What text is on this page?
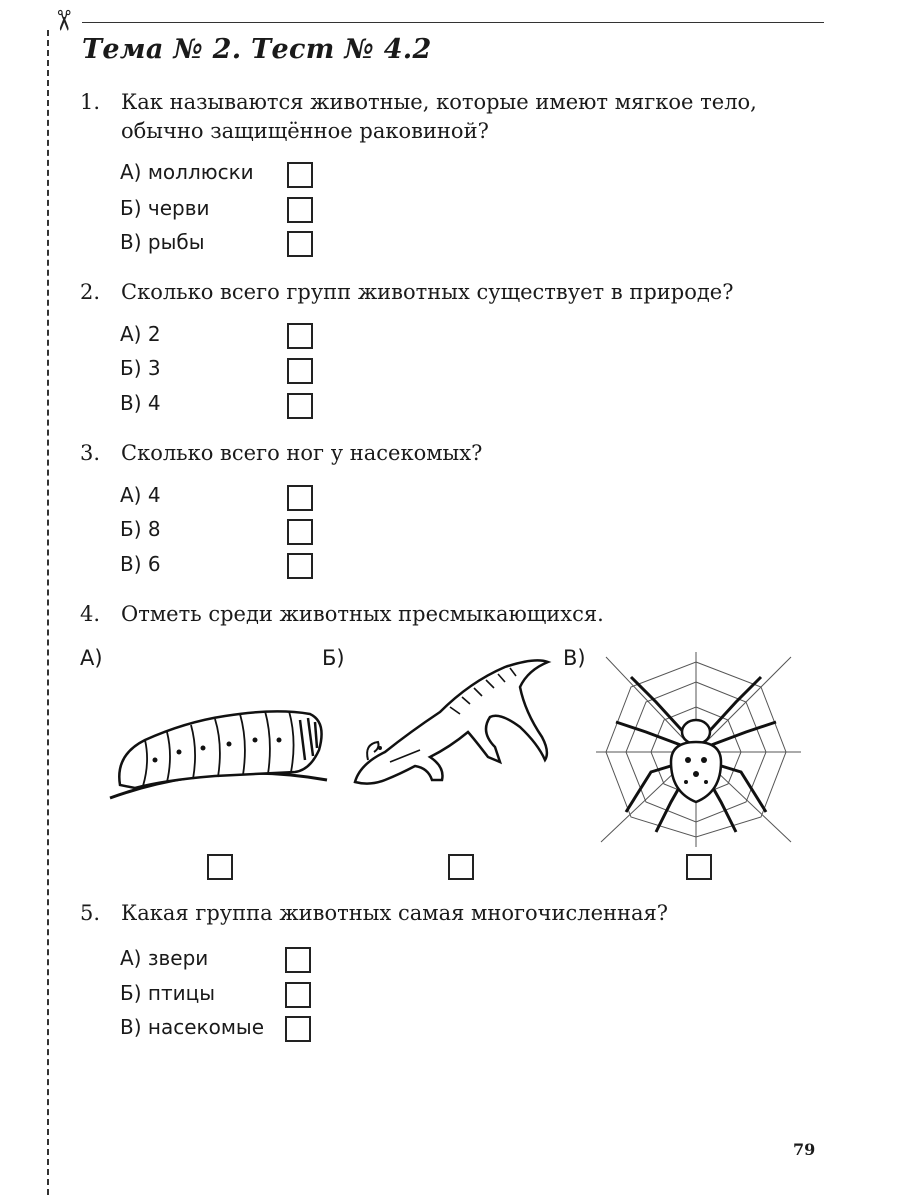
✂
Тема № 2. Тест № 4.2
1. Как называются животные, которые имеют мягкое тело, обычно защищённое раковиной?
А) моллюски
Б) черви
В) рыбы
2. Сколько всего групп животных существует в природе?
А) 2
Б) 3
В) 4
3. Сколько всего ног у насекомых?
А) 4
Б) 8
В) 6
4. Отметь среди животных пресмыкающихся.
А)	Б)	В)
5. Какая группа животных самая многочисленная?
А) звери
Б) птицы
В) насекомые
79
